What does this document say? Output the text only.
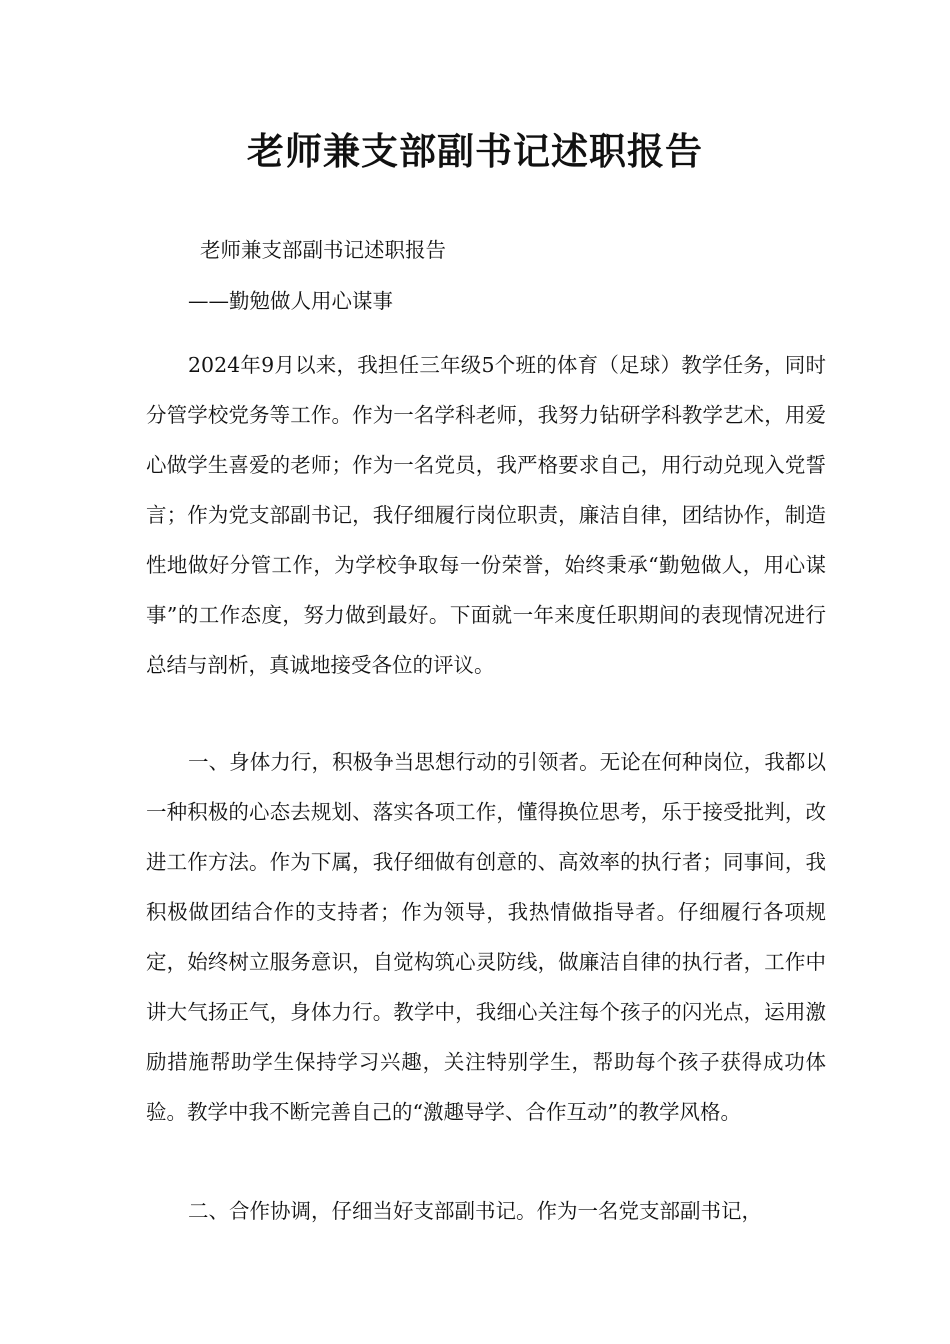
老师兼支部副书记述职报告

老师兼支部副书记述职报告

——勤勉做人用心谋事

2024年9月以来，我担任三年级5个班的体育（足球）教学任务，同时分管学校党务等工作。作为一名学科老师，我努力钻研学科教学艺术，用爱心做学生喜爱的老师；作为一名党员，我严格要求自己，用行动兑现入党誓言；作为党支部副书记，我仔细履行岗位职责，廉洁自律，团结协作，制造性地做好分管工作，为学校争取每一份荣誉，始终秉承“勤勉做人，用心谋事”的工作态度，努力做到最好。下面就一年来度任职期间的表现情况进行总结与剖析，真诚地接受各位的评议。

一、身体力行，积极争当思想行动的引领者。无论在何种岗位，我都以一种积极的心态去规划、落实各项工作，懂得换位思考，乐于接受批判，改进工作方法。作为下属，我仔细做有创意的、高效率的执行者；同事间，我积极做团结合作的支持者；作为领导，我热情做指导者。仔细履行各项规定，始终树立服务意识，自觉构筑心灵防线，做廉洁自律的执行者，工作中讲大气扬正气，身体力行。教学中，我细心关注每个孩子的闪光点，运用激励措施帮助学生保持学习兴趣，关注特别学生，帮助每个孩子获得成功体验。教学中我不断完善自己的“激趣导学、合作互动”的教学风格。

二、合作协调，仔细当好支部副书记。作为一名党支部副书记，
